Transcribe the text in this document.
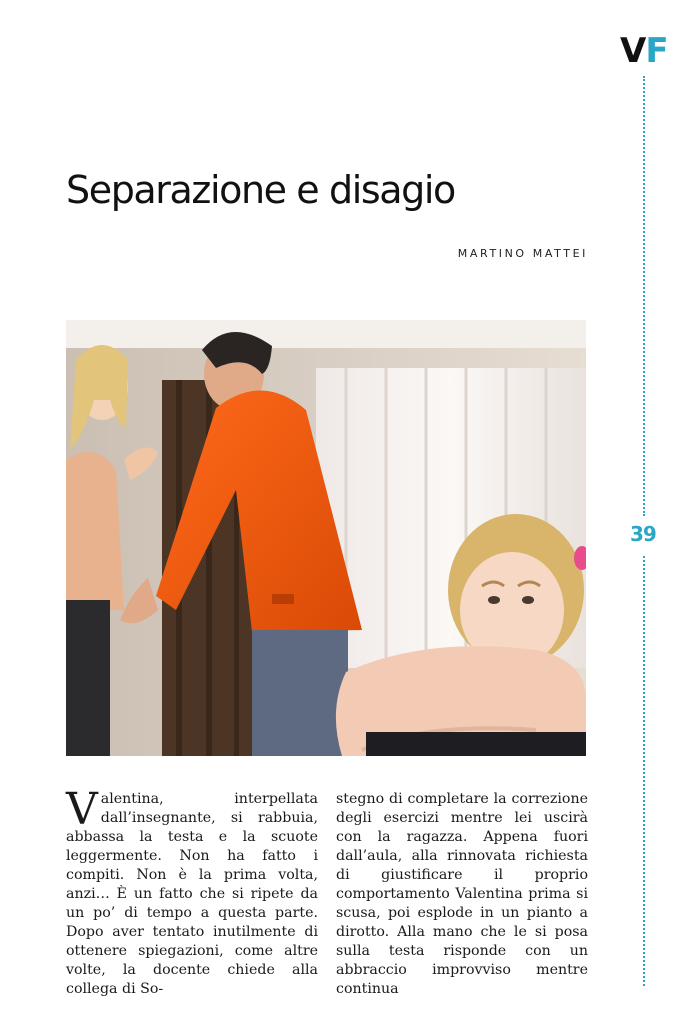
VF
39
Separazione e disagio
MARTINO MATTEI

Valentina, interpellata dall’insegnante, si rabbuia, abbassa la testa e la scuote leggermente. Non ha fatto i compiti. Non è la prima volta, anzi… È un fatto che si ripete da un po’ di tempo a questa parte. Dopo aver tentato inutilmente di ottenere spiegazioni, come altre volte, la docente chiede alla collega di So-

stegno di completare la correzione degli esercizi mentre lei uscirà con la ragazza. Appena fuori dall’aula, alla rinnovata richiesta di giustificare il proprio comportamento Valentina prima si scusa, poi esplode in un pianto a dirotto. Alla mano che le si posa sulla testa risponde con un abbraccio improvviso mentre continua
